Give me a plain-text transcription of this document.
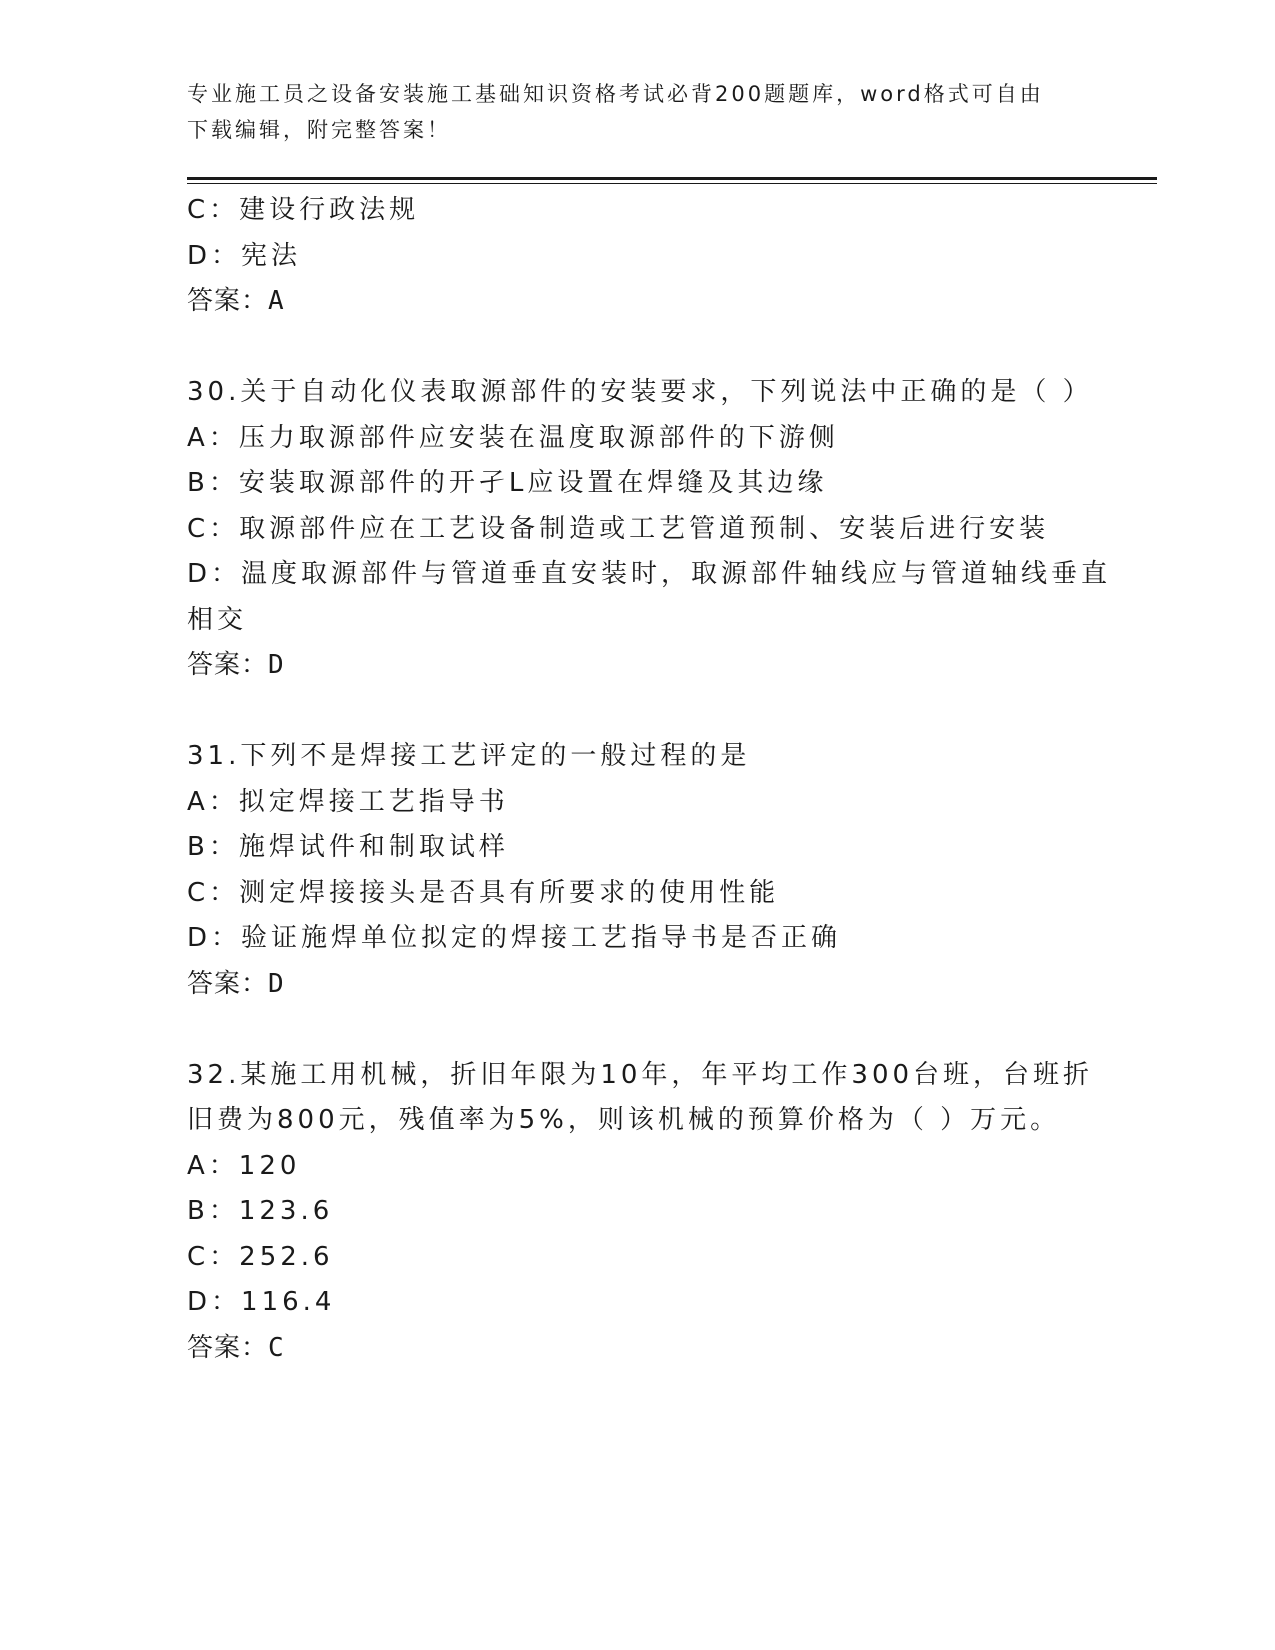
专业施工员之设备安装施工基础知识资格考试必背200题题库，word格式可自由

下载编辑，附完整答案！

C：建设行政法规

D：宪法

答案：A

30.关于自动化仪表取源部件的安装要求，下列说法中正确的是（ ）

A：压力取源部件应安装在温度取源部件的下游侧

B：安装取源部件的开孑L应设置在焊缝及其边缘

C：取源部件应在工艺设备制造或工艺管道预制、安装后进行安装

D：温度取源部件与管道垂直安装时，取源部件轴线应与管道轴线垂直

相交

答案：D

31.下列不是焊接工艺评定的一般过程的是

A：拟定焊接工艺指导书

B：施焊试件和制取试样

C：测定焊接接头是否具有所要求的使用性能

D：验证施焊单位拟定的焊接工艺指导书是否正确

答案：D

32.某施工用机械，折旧年限为10年，年平均工作300台班，台班折

旧费为800元，残值率为5%，则该机械的预算价格为（ ）万元。

A：120

B：123.6

C：252.6

D：116.4

答案：C
